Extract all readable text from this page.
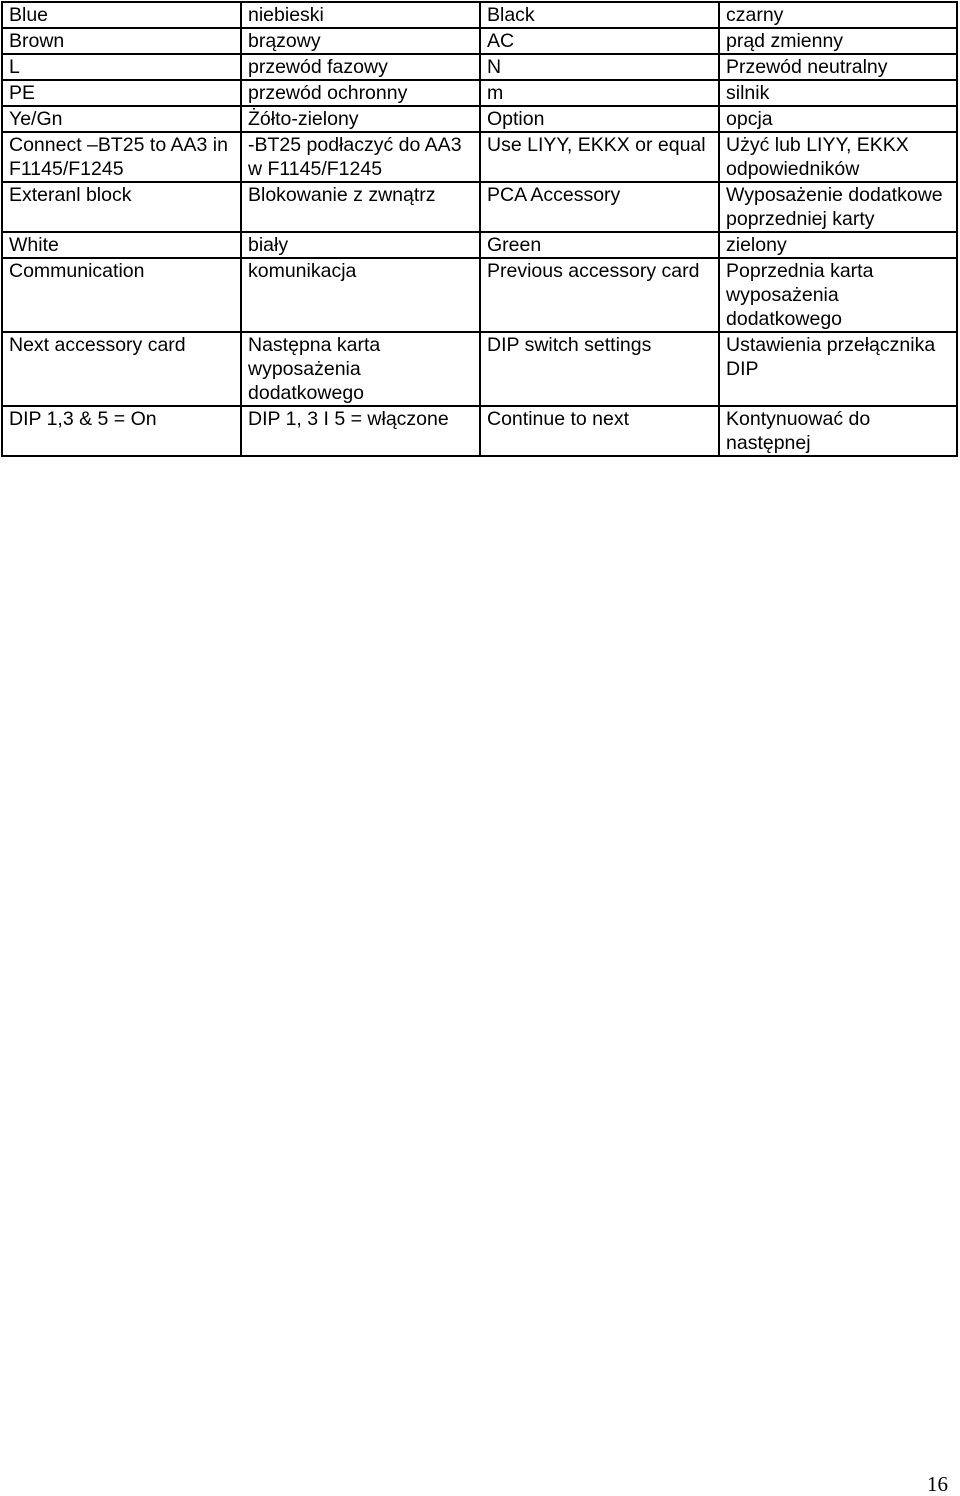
Blue	niebieski	Black	czarny
Brown	brązowy	AC	prąd zmienny
L	przewód fazowy	N	Przewód neutralny
PE	przewód ochronny	m	silnik
Ye/Gn	Żółto-zielony	Option	opcja
Connect –BT25 to AA3 in F1145/F1245	-BT25 podłaczyć do AA3 w F1145/F1245	Use LIYY, EKKX or equal	Użyć lub LIYY, EKKX odpowiedników
Exteranl block	Blokowanie z zwnątrz	PCA Accessory	Wyposażenie dodatkowe poprzedniej karty
White	biały	Green	zielony
Communication	komunikacja	Previous accessory card	Poprzednia karta wyposażenia dodatkowego
Next accessory card	Następna karta wyposażenia dodatkowego	DIP switch settings	Ustawienia przełącznika DIP
DIP 1,3 & 5 = On	DIP 1, 3 I 5 = włączone	Continue to next	Kontynuować do następnej
16
